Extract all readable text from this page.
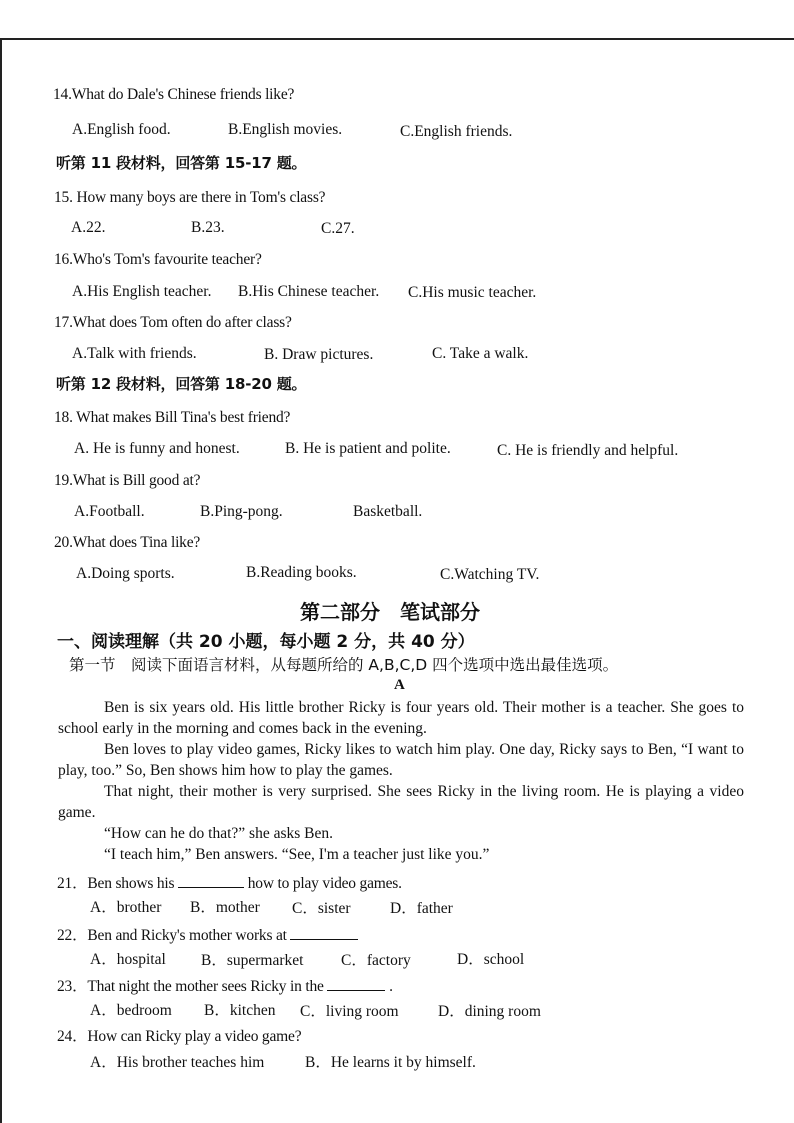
14.What do Dale's Chinese friends like?
A.English food.	B.English movies.	C.English friends.
听第 11 段材料，回答第 15-17 题。
15. How many boys are there in Tom's class?
A.22.	B.23.	C.27.
16.Who's Tom's favourite teacher?
A.His English teacher. B.His Chinese teacher. C.His music teacher.
17.What does Tom often do after class?
A.Talk with friends.	B. Draw pictures.	C. Take a walk.
听第 12 段材料，回答第 18-20 题。
18. What makes Bill Tina's best friend?
A. He is funny and honest.	B. He is patient and polite.	C. He is friendly and helpful.
19.What is Bill good at?
A.Football.	B.Ping-pong.	Basketball.
20.What does Tina like?
A.Doing sports.	B.Reading books.	C.Watching TV.
第二部分　笔试部分
一、阅读理解（共 20 小题，每小题 2 分，共 40 分）
第一节　阅读下面语言材料，从每题所给的 A,B,C,D 四个选项中选出最佳选项。
A

Ben is six years old. His little brother Ricky is four years old. Their mother is a teacher. She goes to school early in the morning and comes back in the evening.

Ben loves to play video games, Ricky likes to watch him play. One day, Ricky says to Ben, “I want to play, too.” So, Ben shows him how to play the games.

That night, their mother is very surprised. She sees Ricky in the living room. He is playing a video game.

“How can he do that?” she asks Ben.

“I teach him,” Ben answers. “See, I'm a teacher just like you.”

21．Ben shows his	how to play video games.
A．brother B．mother C．sister	D．father
22．Ben and Ricky's mother works at
A．hospital B．supermarket C．factory	D．school
23．That night the mother sees Ricky in the	.
A．bedroom B．kitchen C．living room	D．dining room
24．How can Ricky play a video game?
A．His brother teaches him	B．He learns it by himself.
